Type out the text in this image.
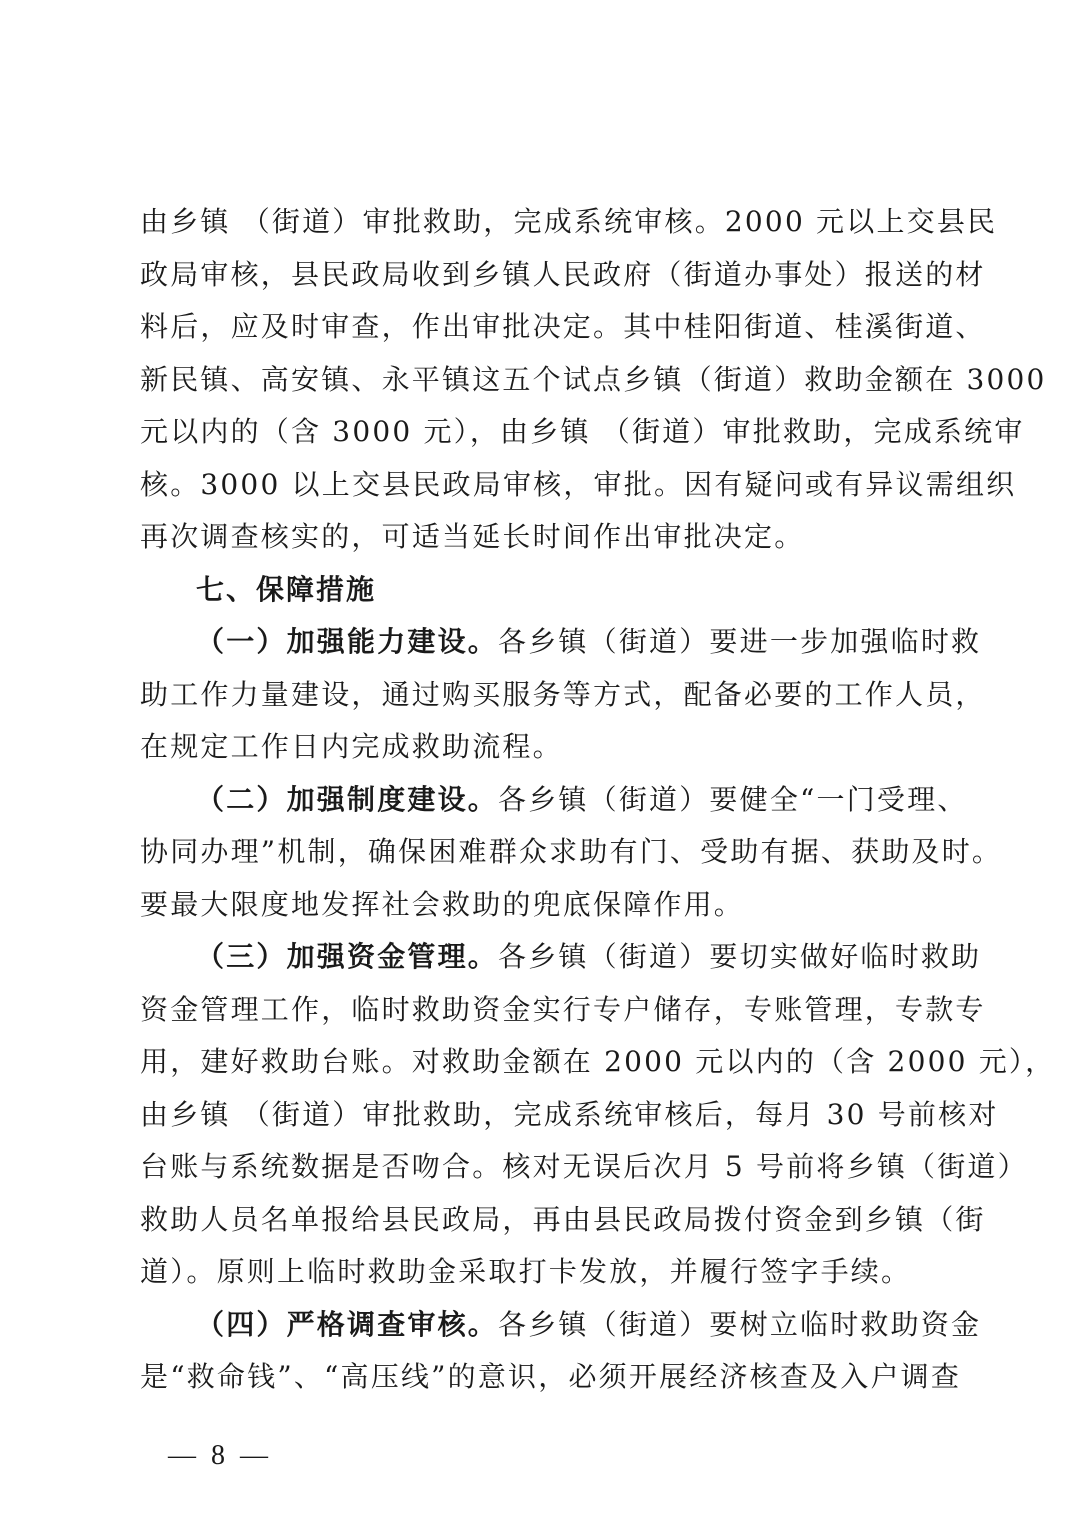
由乡镇 （街道）审批救助，完成系统审核。2000 元以上交县民
政局审核，县民政局收到乡镇人民政府（街道办事处）报送的材
料后，应及时审查，作出审批决定。其中桂阳街道、桂溪街道、
新民镇、高安镇、永平镇这五个试点乡镇（街道）救助金额在 3000
元以内的（含 3000 元），由乡镇 （街道）审批救助，完成系统审
核。3000 以上交县民政局审核，审批。因有疑问或有异议需组织
再次调查核实的，可适当延长时间作出审批决定。
七、保障措施
（一）加强能力建设。各乡镇（街道）要进一步加强临时救
助工作力量建设，通过购买服务等方式，配备必要的工作人员，
在规定工作日内完成救助流程。
（二）加强制度建设。各乡镇（街道）要健全“一门受理、
协同办理”机制，确保困难群众求助有门、受助有据、获助及时。
要最大限度地发挥社会救助的兜底保障作用。
（三）加强资金管理。各乡镇（街道）要切实做好临时救助
资金管理工作，临时救助资金实行专户储存，专账管理，专款专
用，建好救助台账。对救助金额在 2000 元以内的（含 2000 元），
由乡镇 （街道）审批救助，完成系统审核后，每月 30 号前核对
台账与系统数据是否吻合。核对无误后次月 5 号前将乡镇（街道）
救助人员名单报给县民政局，再由县民政局拨付资金到乡镇（街
道）。原则上临时救助金采取打卡发放，并履行签字手续。
（四）严格调查审核。各乡镇（街道）要树立临时救助资金
是“救命钱”、“高压线”的意识，必须开展经济核查及入户调查
— 8 —
